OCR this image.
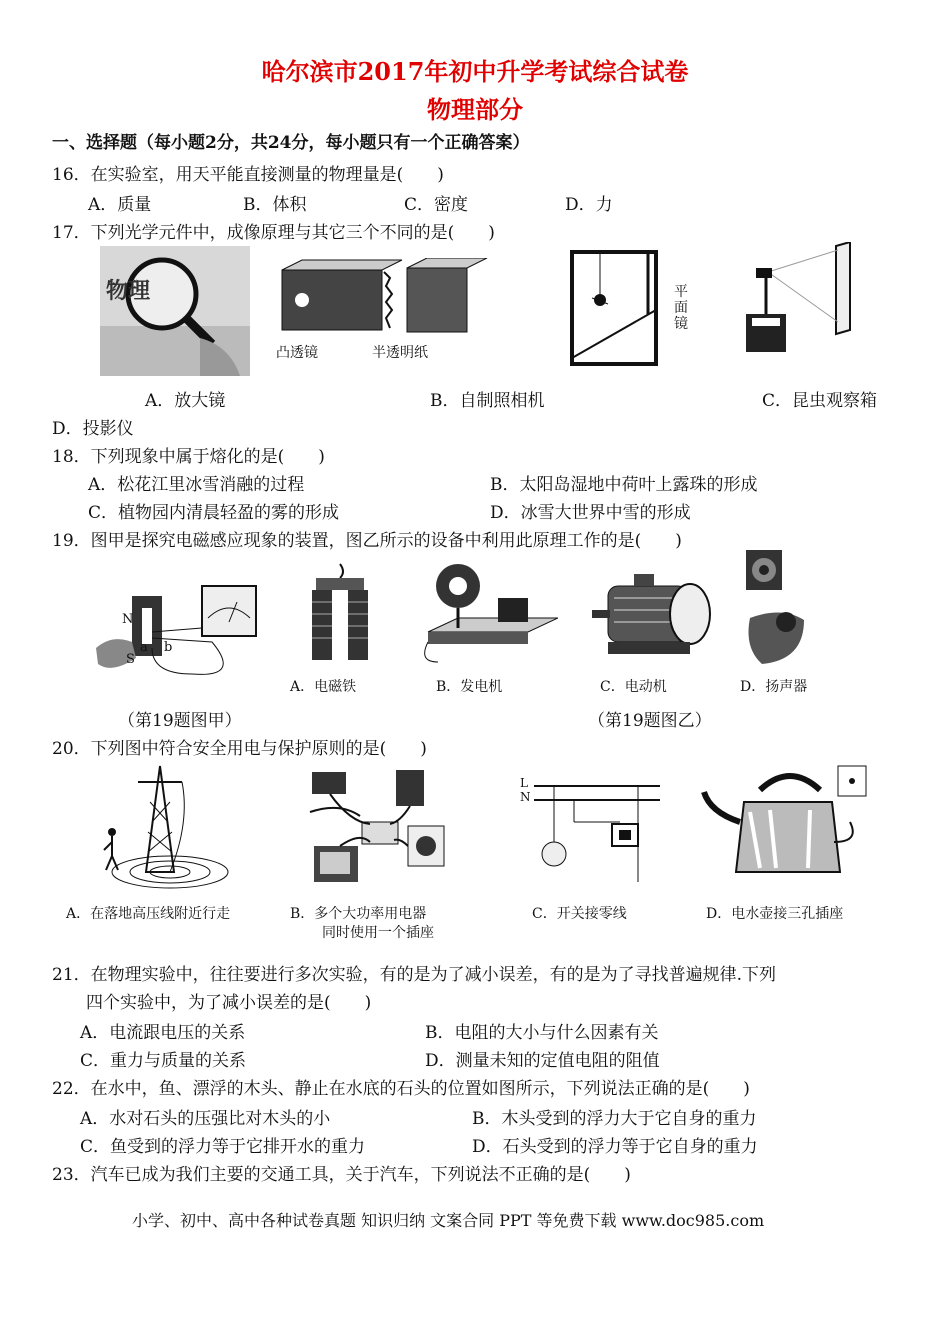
哈尔滨市2017年初中升学考试综合试卷
物理部分
一、选择题（每小题2分，共24分，每小题只有一个正确答案）
16．在实验室，用天平能直接测量的物理量是(　　)
A．质量	B．体积	C．密度	D．力
17．下列光学元件中，成像原理与其它三个不同的是(　　)
物理
凸透镜	半透明纸
平面镜
A．放大镜	B．自制照相机	C．昆虫观察箱
D．投影仪
18．下列现象中属于熔化的是(　　)
A．松花江里冰雪消融的过程	B．太阳岛湿地中荷叶上露珠的形成
C．植物园内清晨轻盈的雾的形成	D．冰雪大世界中雪的形成
19．图甲是探究电磁感应现象的装置，图乙所示的设备中利用此原理工作的是(　　)
N
S
a b
A．电磁铁	B．发电机	C．电动机	D．扬声器
（第19题图甲）	（第19题图乙）
20．下列图中符合安全用电与保护原则的是(　　)
L
N
A．在落地高压线附近行走	B．多个大功率用电器
同时使用一个插座
C．开关接零线	D．电水壶接三孔插座
21．在物理实验中，往往要进行多次实验，有的是为了减小误差，有的是为了寻找普遍规律.下列
四个实验中，为了减小误差的是(　　)
A．电流跟电压的关系	B．电阻的大小与什么因素有关
C．重力与质量的关系	D．测量未知的定值电阻的阻值
22．在水中，鱼、漂浮的木头、静止在水底的石头的位置如图所示，下列说法正确的是(　　)
A．水对石头的压强比对木头的小	B．木头受到的浮力大于它自身的重力
C．鱼受到的浮力等于它排开水的重力	D．石头受到的浮力等于它自身的重力
23．汽车已成为我们主要的交通工具，关于汽车，下列说法不正确的是(　　)
小学、初中、高中各种试卷真题 知识归纳 文案合同 PPT 等免费下载 www.doc985.com
